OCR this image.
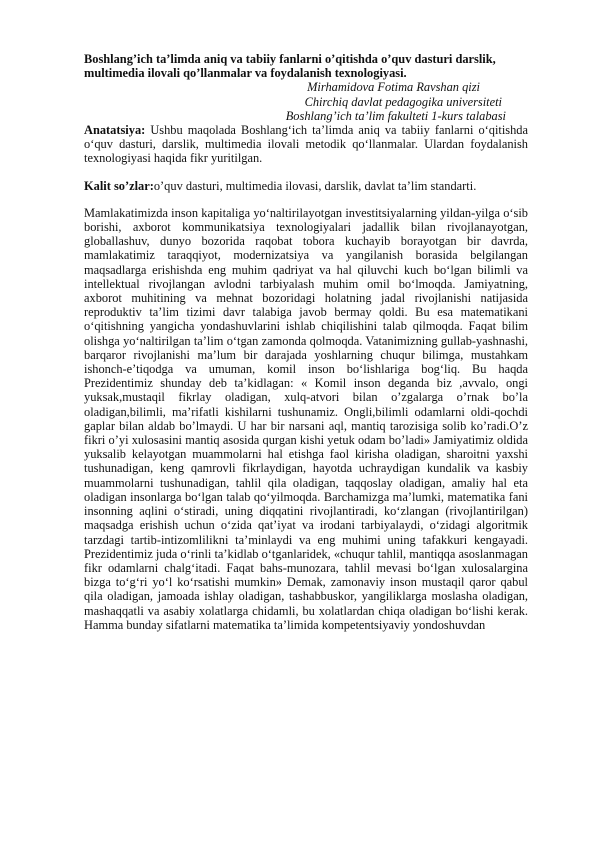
Boshlang’ich ta’limda aniq va tabiiy fanlarni o’qitishda o’quv dasturi darslik, multimedia ilovali qo’llanmalar va foydalanish texnologiyasi.
Mirhamidova Fotima Ravshan qizi
Chirchiq davlat pedagogika universiteti
Boshlang’ich ta’lim fakulteti 1-kurs talabasi

Anatatsiya: Ushbu maqolada Boshlang‘ich ta’limda aniq va tabiiy fanlarni o‘qitishda o‘quv dasturi, darslik, multimedia ilovali metodik qo‘llanmalar. Ulardan foydalanish texnologiyasi haqida fikr yuritilgan.

Kalit so’zlar:o’quv dasturi, multimedia ilovasi, darslik, davlat ta’lim standarti.

Mamlakatimizda inson kapitaliga yo‘naltirilayotgan investitsiyalarning yildan-yilga o‘sib borishi, axborot kommunikatsiya texnologiyalari jadallik bilan rivojlanayotgan, globallashuv, dunyo bozorida raqobat tobora kuchayib borayotgan bir davrda, mamlakatimiz taraqqiyot, modernizatsiya va yangilanish borasida belgilangan maqsadlarga erishishda eng muhim qadriyat va hal qiluvchi kuch bo‘lgan bilimli va intellektual rivojlangan avlodni tarbiyalash muhim omil bo‘lmoqda. Jamiyatning, axborot muhitining va mehnat bozoridagi holatning jadal rivojlanishi natijasida reproduktiv ta’lim tizimi davr talabiga javob bermay qoldi. Bu esa matematikani o‘qitishning yangicha yondashuvlarini ishlab chiqilishini talab qilmoqda. Faqat bilim olishga yo‘naltirilgan ta’lim o‘tgan zamonda qolmoqda. Vatanimizning gullab-yashnashi, barqaror rivojlanishi ma’lum bir darajada yoshlarning chuqur bilimga, mustahkam ishonch-e’tiqodga va umuman, komil inson bo‘lishlariga bog‘liq. Bu haqda Prezidentimiz shunday deb ta’kidlagan: « Komil inson deganda biz ,avvalo, ongi yuksak,mustaqil fikrlay oladigan, xulq-atvori bilan o’zgalarga o’rnak bo’la oladigan,bilimli, ma’rifatli kishilarni tushunamiz. Ongli,bilimli odamlarni oldi-qochdi gaplar bilan aldab bo’lmaydi. U har bir narsani aql, mantiq tarozisiga solib ko’radi.O’z fikri o’yi xulosasini mantiq asosida qurgan kishi yetuk odam bo’ladi» Jamiyatimiz oldida yuksalib kelayotgan muammolarni hal etishga faol kirisha oladigan, sharoitni yaxshi tushunadigan, keng qamrovli fikrlaydigan, hayotda uchraydigan kundalik va kasbiy muammolarni tushunadigan, tahlil qila oladigan, taqqoslay oladigan, amaliy hal eta oladigan insonlarga bo‘lgan talab qo‘yilmoqda. Barchamizga ma’lumki, matematika fani insonning aqlini o‘stiradi, uning diqqatini rivojlantiradi, ko‘zlangan (rivojlantirilgan) maqsadga erishish uchun o‘zida qat’iyat va irodani tarbiyalaydi, o‘zidagi algoritmik tarzdagi tartib-intizomlilikni ta’minlaydi va eng muhimi uning tafakkuri kengayadi. Prezidentimiz juda o‘rinli ta’kidlab o‘tganlaridek, «chuqur tahlil, mantiqqa asoslanmagan fikr odamlarni chalg‘itadi. Faqat bahs-munozara, tahlil mevasi bo‘lgan xulosalargina bizga to‘g‘ri yo‘l ko‘rsatishi mumkin» Demak, zamonaviy inson mustaqil qaror qabul qila oladigan, jamoada ishlay oladigan, tashabbuskor, yangiliklarga moslasha oladigan, mashaqqatli va asabiy xolatlarga chidamli, bu xolatlardan chiqa oladigan bo‘lishi kerak. Hamma bunday sifatlarni matematika ta’limida kompetentsiyaviy yondoshuvdan
